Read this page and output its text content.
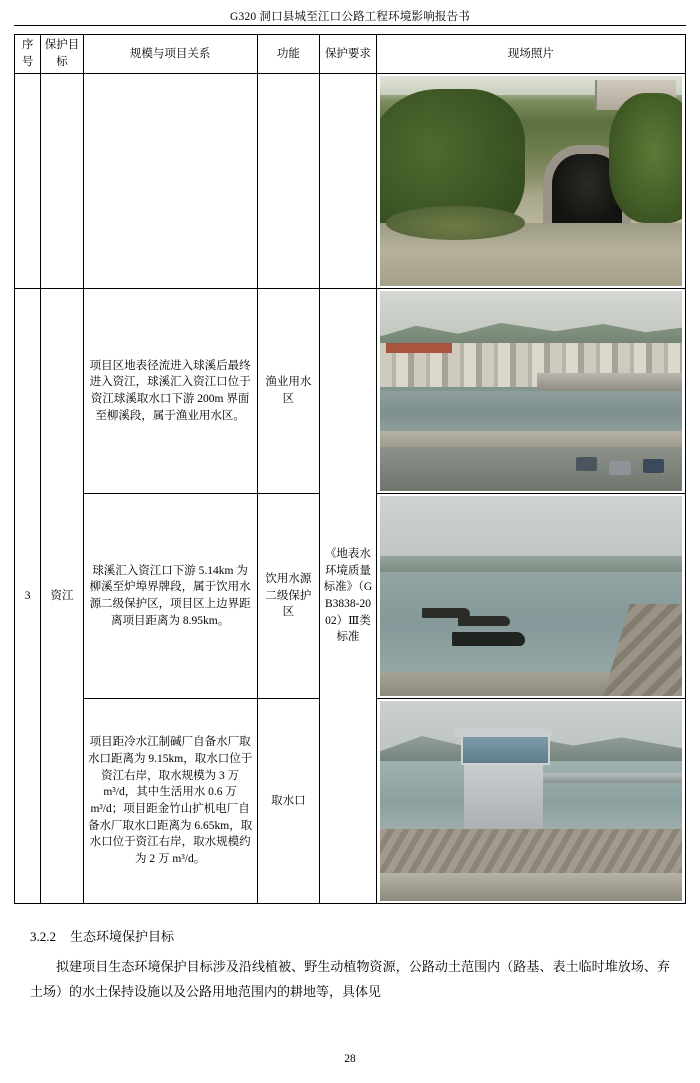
G320 洞口县城至江口公路工程环境影响报告书
序号	保护目标	规模与项目关系	功能	保护要求	现场照片

3	资江	项目区地表径流进入球溪后最终进入资江，球溪汇入资江口位于资江球溪取水口下游 200m 界面至柳溪段，属于渔业用水区。	渔业用水区	《地表水环境质量标准》（GB3838-2002）Ⅲ类标准	

		球溪汇入资江口下游 5.14km 为柳溪至炉埠界牌段，属于饮用水源二级保护区，项目区上边界距离项目距离为 8.95km。	饮用水源二级保护区		

		项目距冷水江制碱厂自备水厂取水口距离为 9.15km，取水口位于资江右岸，取水规模为 3 万 m³/d，其中生活用水 0.6 万 m³/d；项目距金竹山扩机电厂自备水厂取水口距离为 6.65km，取水口位于资江右岸，取水规模约为 2 万 m³/d。	取水口		
3.2.2 生态环境保护目标
拟建项目生态环境保护目标涉及沿线植被、野生动植物资源，公路动土范围内（路基、表土临时堆放场、弃土场）的水土保持设施以及公路用地范围内的耕地等，具体见
28
